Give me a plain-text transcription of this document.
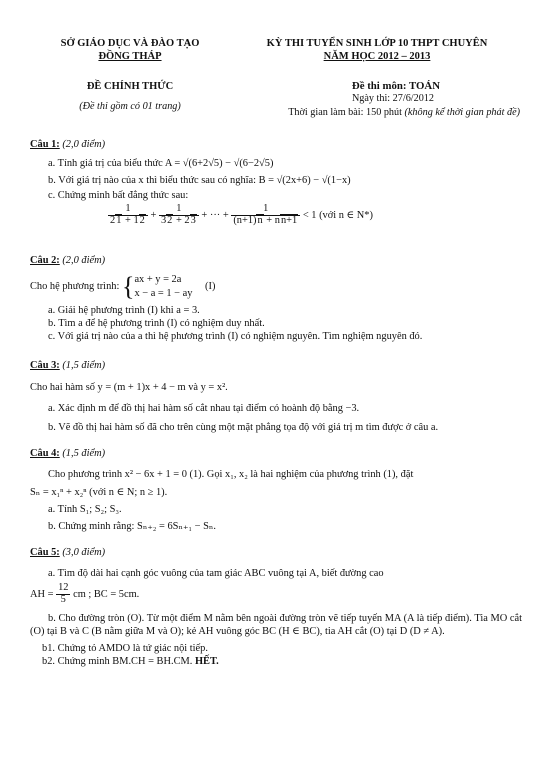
SỞ GIÁO DỤC VÀ ĐÀO TẠO
ĐỒNG THÁP
KỲ THI TUYỂN SINH LỚP 10 THPT CHUYÊN
NĂM HỌC 2012 – 2013
ĐỀ CHÍNH THỨC
(Đề thi gồm có 01 trang)
Đề thi môn: TOÁN
Ngày thi: 27/6/2012
Thời gian làm bài: 150 phút (không kể thời gian phát đề)
Câu 1: (2,0 điểm)
a. Tính giá trị của biểu thức A = √(6+2√5) − √(6−2√5)
b. Với giá trị nào của x thì biểu thức sau có nghĩa: B = √(2x+6) − √(1−x)
c. Chứng minh bất đẳng thức sau:
$\frac{1}{21 + 12} + \frac{1}{32 + 23}$ + ··· + $\frac{1}{(n+1)n + nn+1} < 1$ (với n ∈ N*)
Câu 2: (2,0 điểm)
Cho hệ phương trình: { ax + y = 2a
x − a = 1 − ay
(I)
a. Giải hệ phương trình (I) khi a = 3.
b. Tìm a để hệ phương trình (I) có nghiệm duy nhất.
c. Với giá trị nào của a thì hệ phương trình (I) có nghiệm nguyên. Tìm nghiệm nguyên đó.
Câu 3: (1,5 điểm)
Cho hai hàm số y = (m + 1)x + 4 − m và y = x².
a. Xác định m để đồ thị hai hàm số cắt nhau tại điểm có hoành độ bằng −3.
b. Vẽ đồ thị hai hàm số đã cho trên cùng một mặt phẳng tọa độ với giá trị m tìm được ở câu a.
Câu 4: (1,5 điểm)
Cho phương trình x² − 6x + 1 = 0 (1). Gọi x₁, x₂ là hai nghiệm của phương trình (1), đặt
Sₙ = x₁ⁿ + x₂ⁿ (với n ∈ N; n ≥ 1).
a. Tính S₁; S₂; S₃.
b. Chứng minh rằng: Sₙ₊₂ = 6Sₙ₊₁ − Sₙ.
Câu 5: (3,0 điểm)
a. Tìm độ dài hai cạnh góc vuông của tam giác ABC vuông tại A, biết đường cao
AH = $\frac{12}{5}$ cm ; BC = 5cm.
b. Cho đường tròn (O). Từ một điểm M nằm bên ngoài đường tròn vẽ tiếp tuyến MA (A là tiếp điểm). Tia MO cắt (O) tại B và C (B nằm giữa M và O); kẻ AH vuông góc BC (H ∈ BC), tia AH cắt (O) tại D (D ≠ A).
b1. Chứng tỏ AMDO là tứ giác nội tiếp.
b2. Chứng minh BM.CH = BH.CM. HẾT.
